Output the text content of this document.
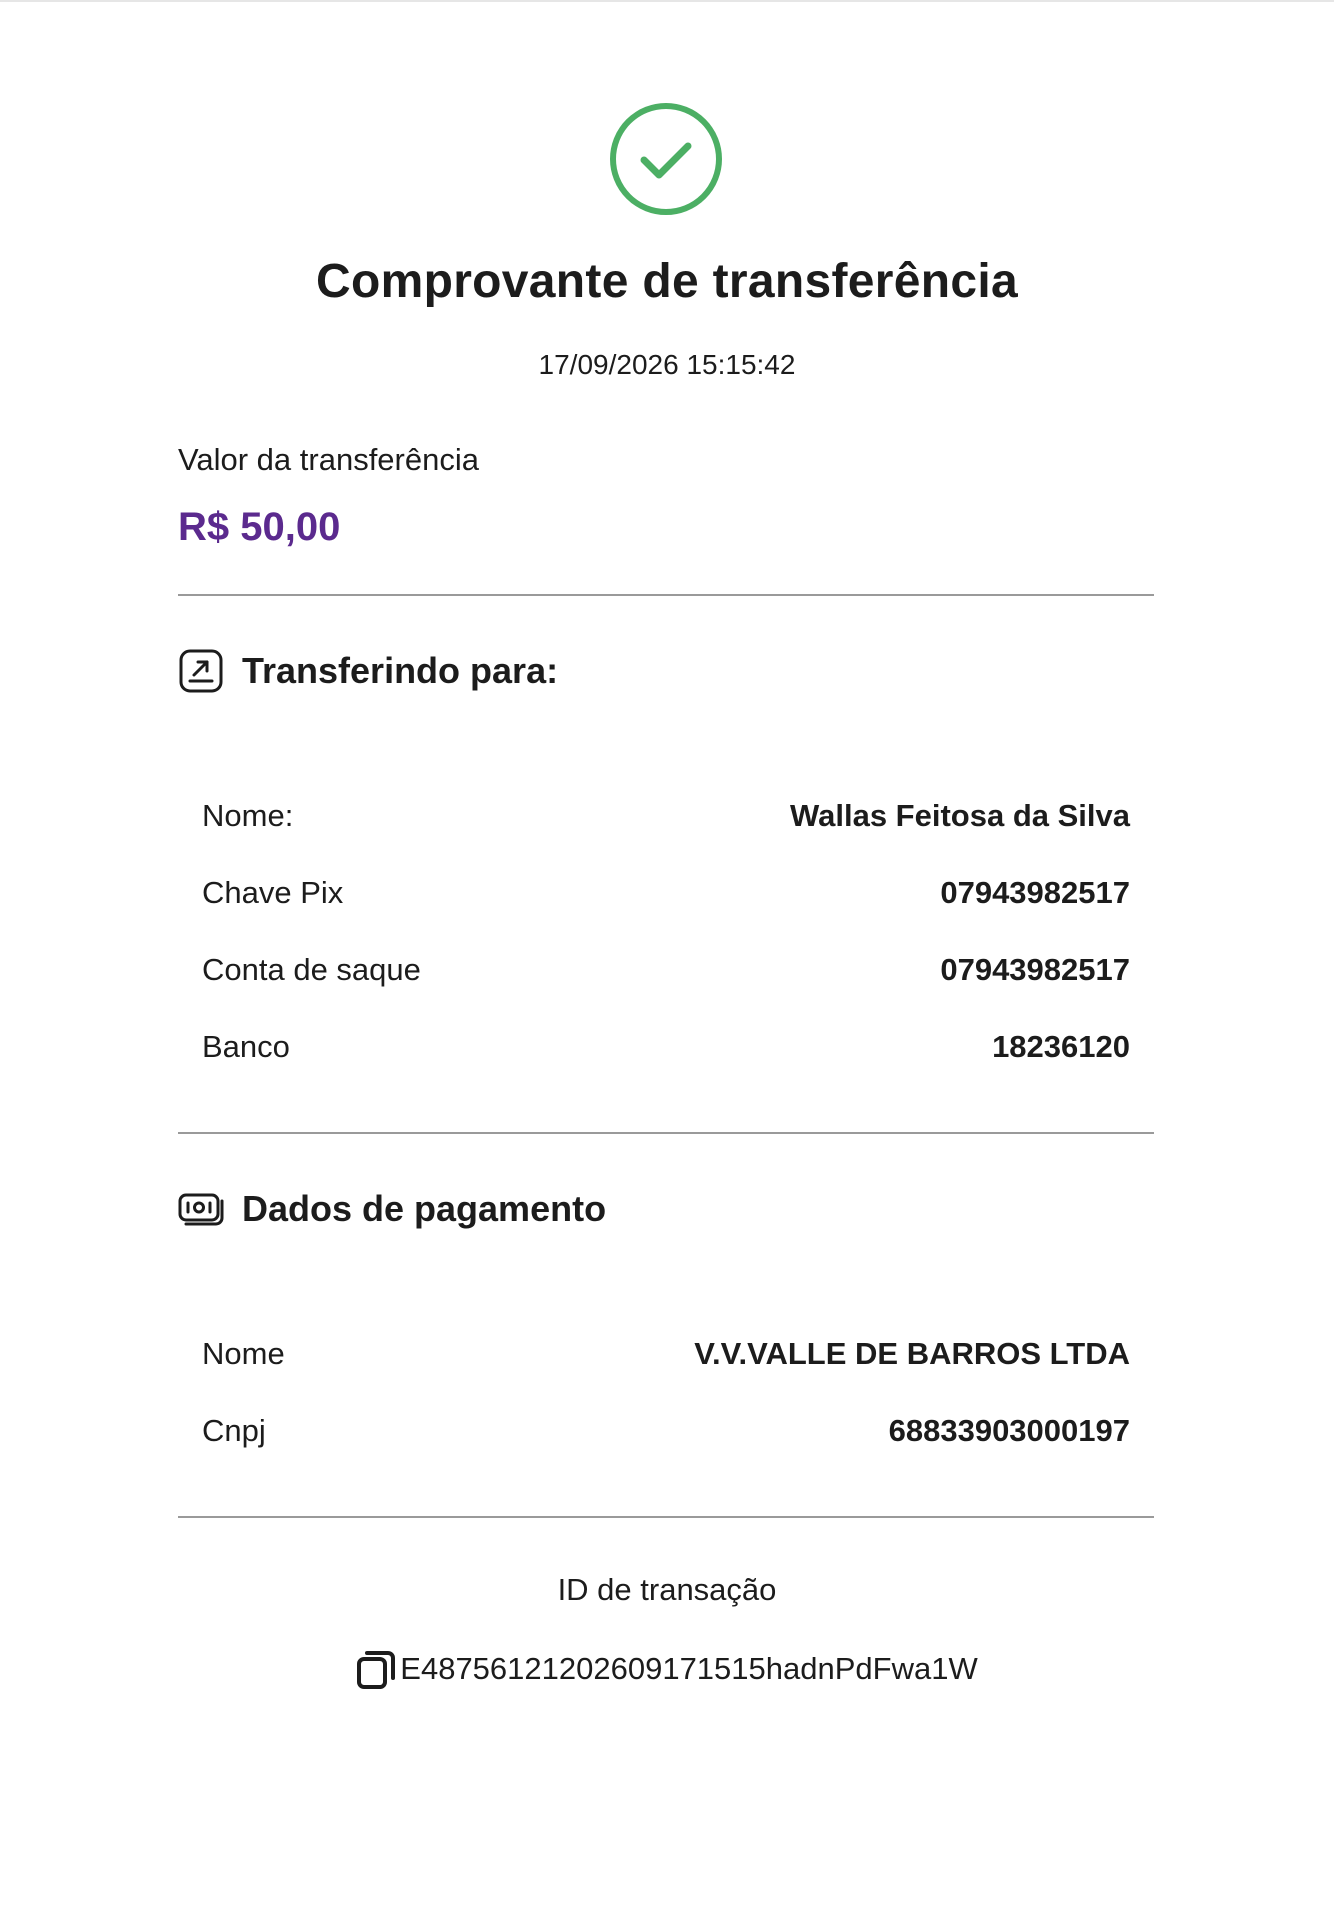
Comprovante de transferência
17/09/2026 15:15:42
Valor da transferência
R$ 50,00
Transferindo para:
Nome:	Wallas Feitosa da Silva
Chave Pix	07943982517
Conta de saque	07943982517
Banco	18236120
Dados de pagamento
Nome	V.V.VALLE DE BARROS LTDA
Cnpj	68833903000197
ID de transação
E48756121202609171515hadnPdFwa1W
